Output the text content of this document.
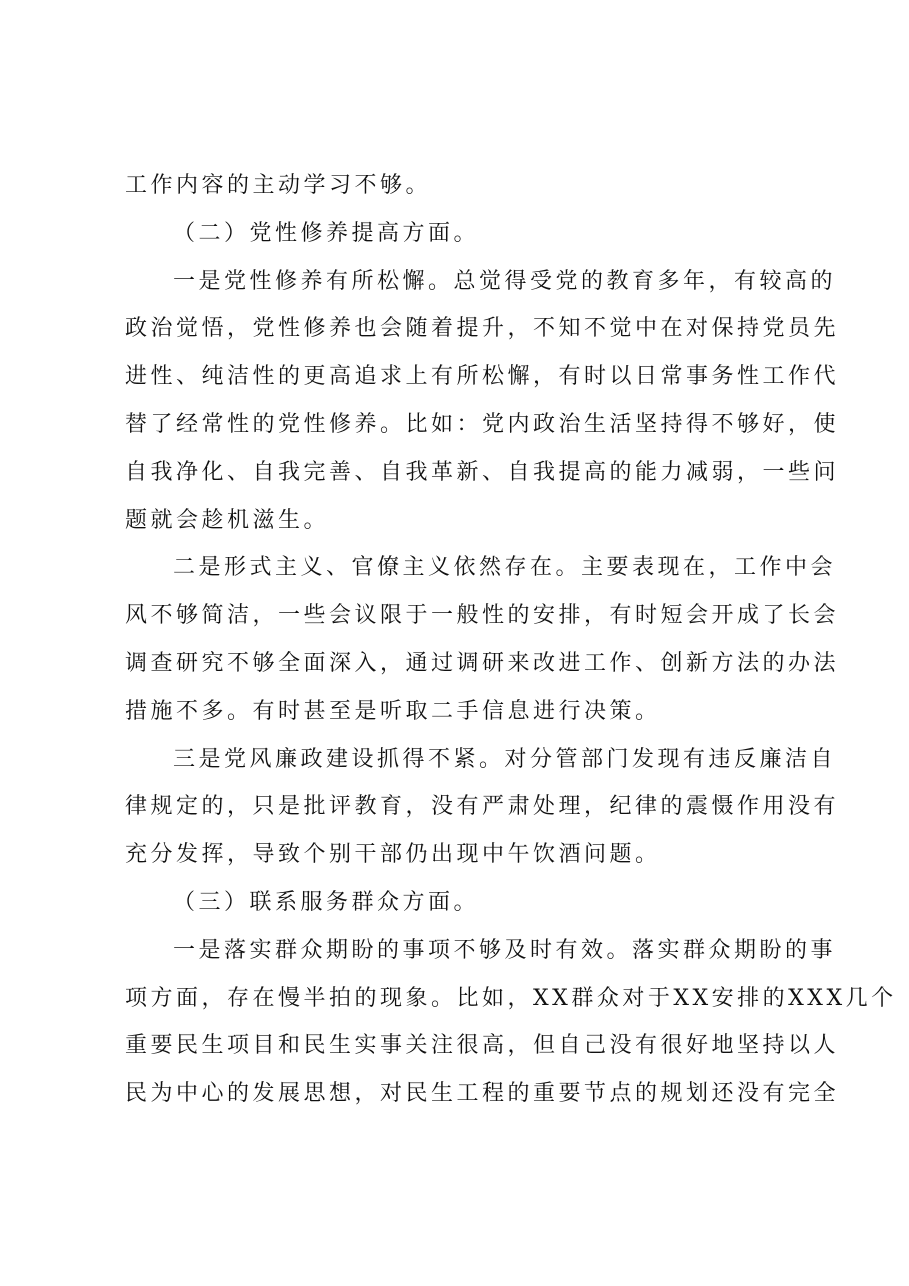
工作内容的主动学习不够。
（二）党性修养提高方面。
一是党性修养有所松懈。总觉得受党的教育多年，有较高的
政治觉悟，党性修养也会随着提升，不知不觉中在对保持党员先
进性、纯洁性的更高追求上有所松懈，有时以日常事务性工作代
替了经常性的党性修养。比如：党内政治生活坚持得不够好，使
自我净化、自我完善、自我革新、自我提高的能力减弱，一些问
题就会趁机滋生。
二是形式主义、官僚主义依然存在。主要表现在，工作中会
风不够简洁，一些会议限于一般性的安排，有时短会开成了长会
调查研究不够全面深入，通过调研来改进工作、创新方法的办法
措施不多。有时甚至是听取二手信息进行决策。
三是党风廉政建设抓得不紧。对分管部门发现有违反廉洁自
律规定的，只是批评教育，没有严肃处理，纪律的震慑作用没有
充分发挥，导致个别干部仍出现中午饮酒问题。
（三）联系服务群众方面。
一是落实群众期盼的事项不够及时有效。落实群众期盼的事
项方面，存在慢半拍的现象。比如，XX群众对于XX安排的XXX几个
重要民生项目和民生实事关注很高，但自己没有很好地坚持以人
民为中心的发展思想，对民生工程的重要节点的规划还没有完全
